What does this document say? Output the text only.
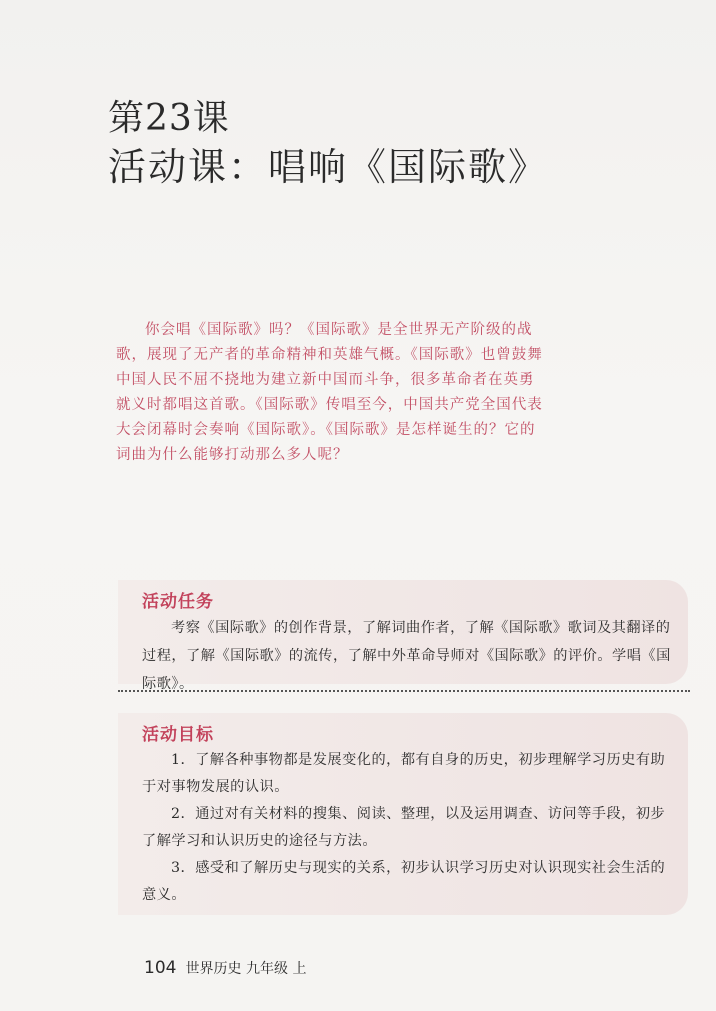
第23课
活动课：唱响《国际歌》
你会唱《国际歌》吗？《国际歌》是全世界无产阶级的战歌，展现了无产者的革命精神和英雄气概。《国际歌》也曾鼓舞中国人民不屈不挠地为建立新中国而斗争，很多革命者在英勇就义时都唱这首歌。《国际歌》传唱至今，中国共产党全国代表大会闭幕时会奏响《国际歌》。《国际歌》是怎样诞生的？它的词曲为什么能够打动那么多人呢？
活动任务
考察《国际歌》的创作背景，了解词曲作者，了解《国际歌》歌词及其翻译的过程，了解《国际歌》的流传，了解中外革命导师对《国际歌》的评价。学唱《国际歌》。
活动目标
1．了解各种事物都是发展变化的，都有自身的历史，初步理解学习历史有助于对事物发展的认识。
2．通过对有关材料的搜集、阅读、整理，以及运用调查、访问等手段，初步了解学习和认识历史的途径与方法。
3．感受和了解历史与现实的关系，初步认识学习历史对认识现实社会生活的意义。
104 世界历史 九年级 上
